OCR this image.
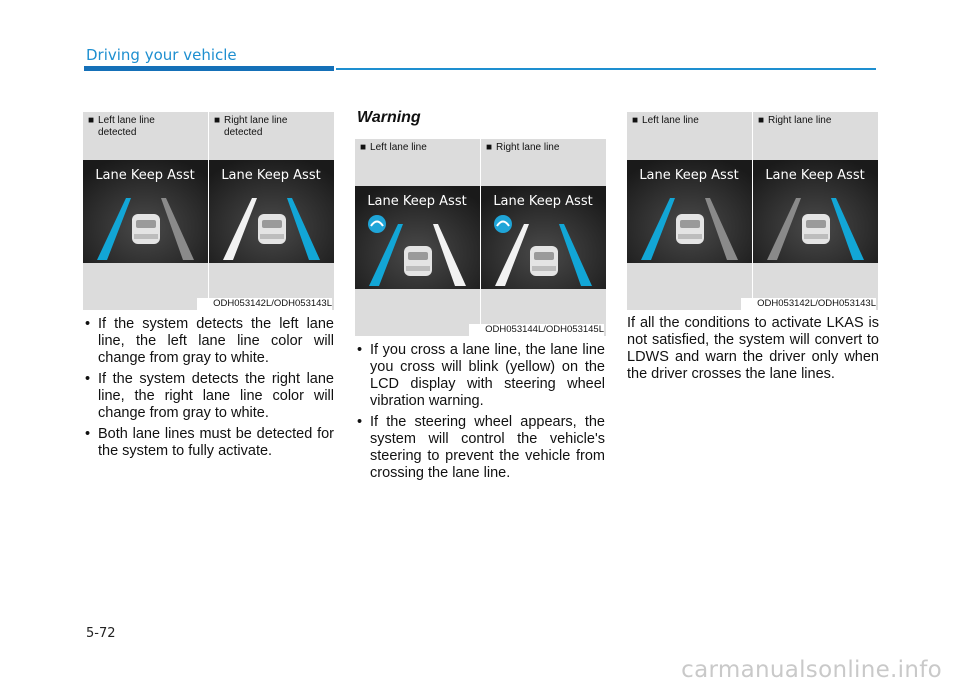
Driving your vehicle
■ Left lane line detected
Lane Keep Asst
■ Right lane line detected
Lane Keep Asst
ODH053142L/ODH053143L
• If the system detects the left lane line, the left lane line color will change from gray to white.
• If the system detects the right lane line, the right lane line color will change from gray to white.
• Both lane lines must be detected for the system to fully activate.
Warning
■ Left lane line
Lane Keep Asst
■ Right lane line
Lane Keep Asst
ODH053144L/ODH053145L
• If you cross a lane line, the lane line you cross will blink (yellow) on the LCD display with steering wheel vibration warning.
• If the steering wheel appears, the system will control the vehicle's steering to prevent the vehicle from crossing the lane line.
■ Left lane line
Lane Keep Asst
■ Right lane line
Lane Keep Asst
ODH053142L/ODH053143L

If all the conditions to activate LKAS is not satisfied, the system will convert to LDWS and warn the driver only when the driver crosses the lane lines.

5-72
carmanualsonline.info
